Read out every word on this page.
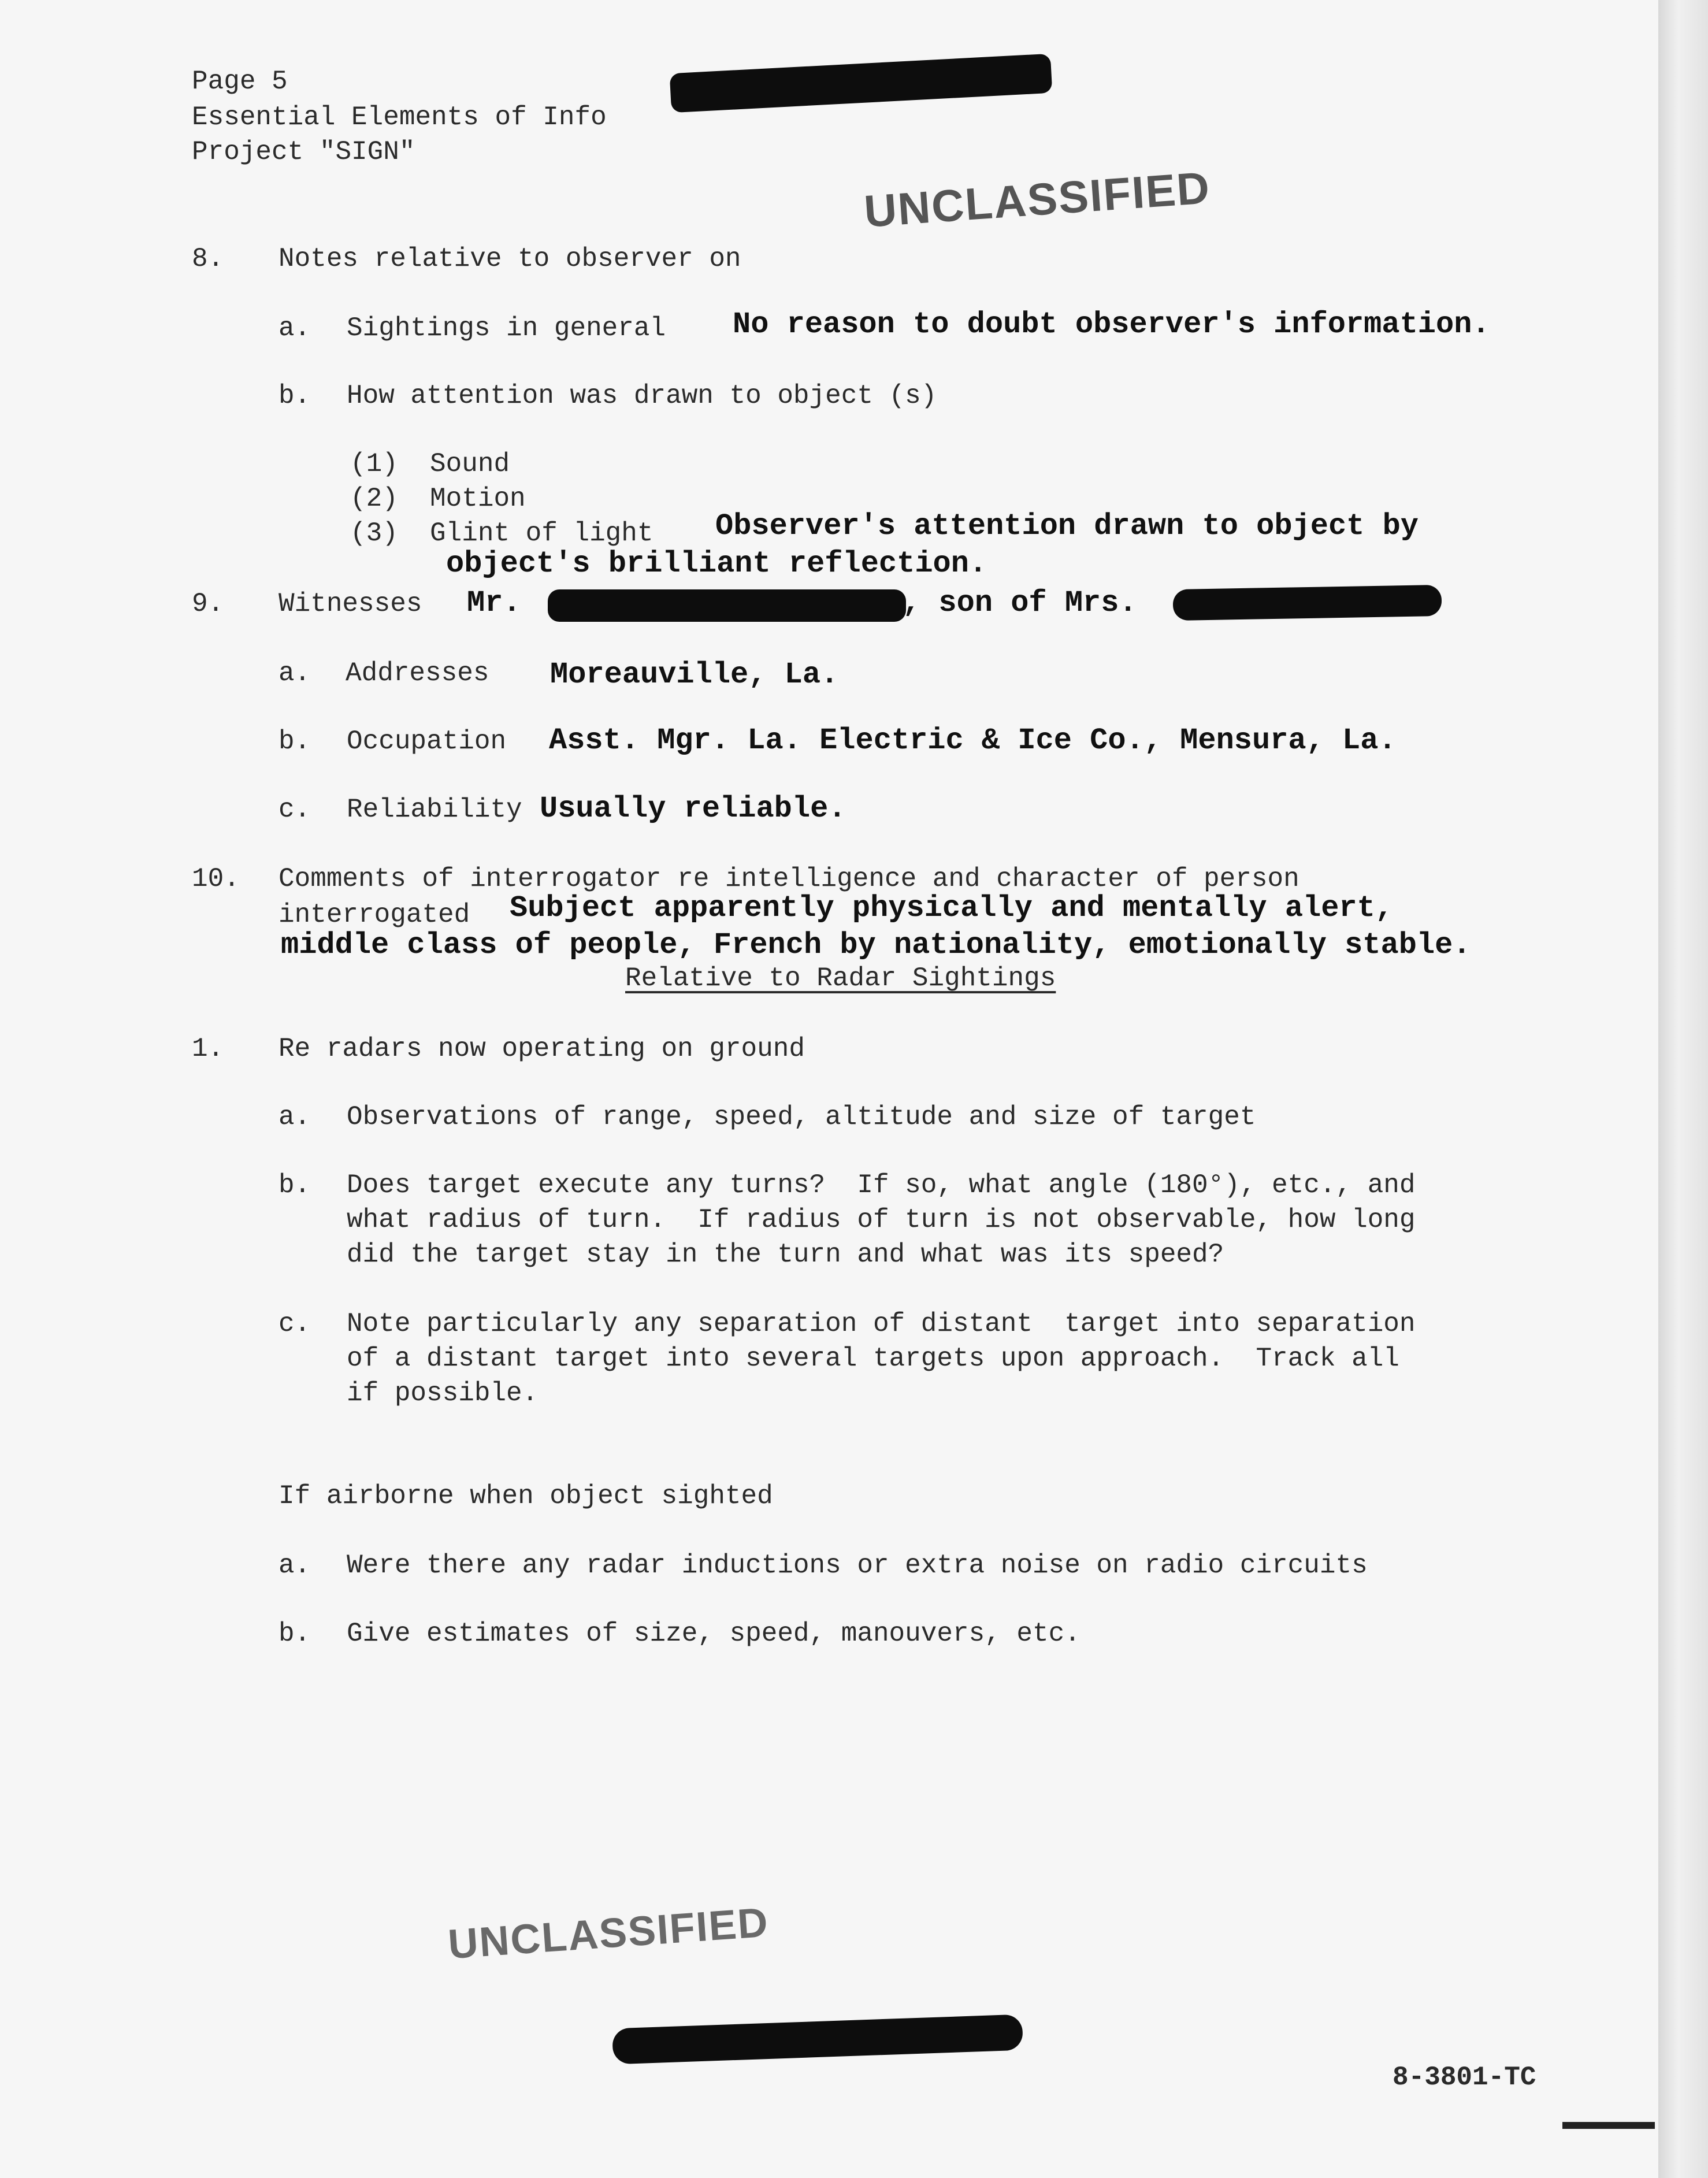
Page 5
Essential Elements of Info
Project "SIGN"
UNCLASSIFIED
8. Notes relative to observer on
a. Sightings in general No reason to doubt observer's information.
b. How attention was drawn to object (s)
(1)  Sound
(2)  Motion
(3)  Glint of light Observer's attention drawn to object by
object's brilliant reflection.
9. Witnesses Mr.	, son of Mrs.
a. Addresses Moreauville, La.
b. Occupation Asst. Mgr. La. Electric & Ice Co., Mensura, La.
c. Reliability Usually reliable.
10. Comments of interrogator re intelligence and character of person
interrogated Subject apparently physically and mentally alert,
middle class of people, French by nationality, emotionally stable.
Relative to Radar Sightings
1. Re radars now operating on ground
a. Observations of range, speed, altitude and size of target
b. Does target execute any turns?  If so, what angle (180°), etc., and
what radius of turn.  If radius of turn is not observable, how long
did the target stay in the turn and what was its speed?
c. Note particularly any separation of distant  target into separation
of a distant target into several targets upon approach.  Track all
if possible.
If airborne when object sighted
a. Were there any radar inductions or extra noise on radio circuits
b. Give estimates of size, speed, manouvers, etc.
UNCLASSIFIED
8-3801-TC
